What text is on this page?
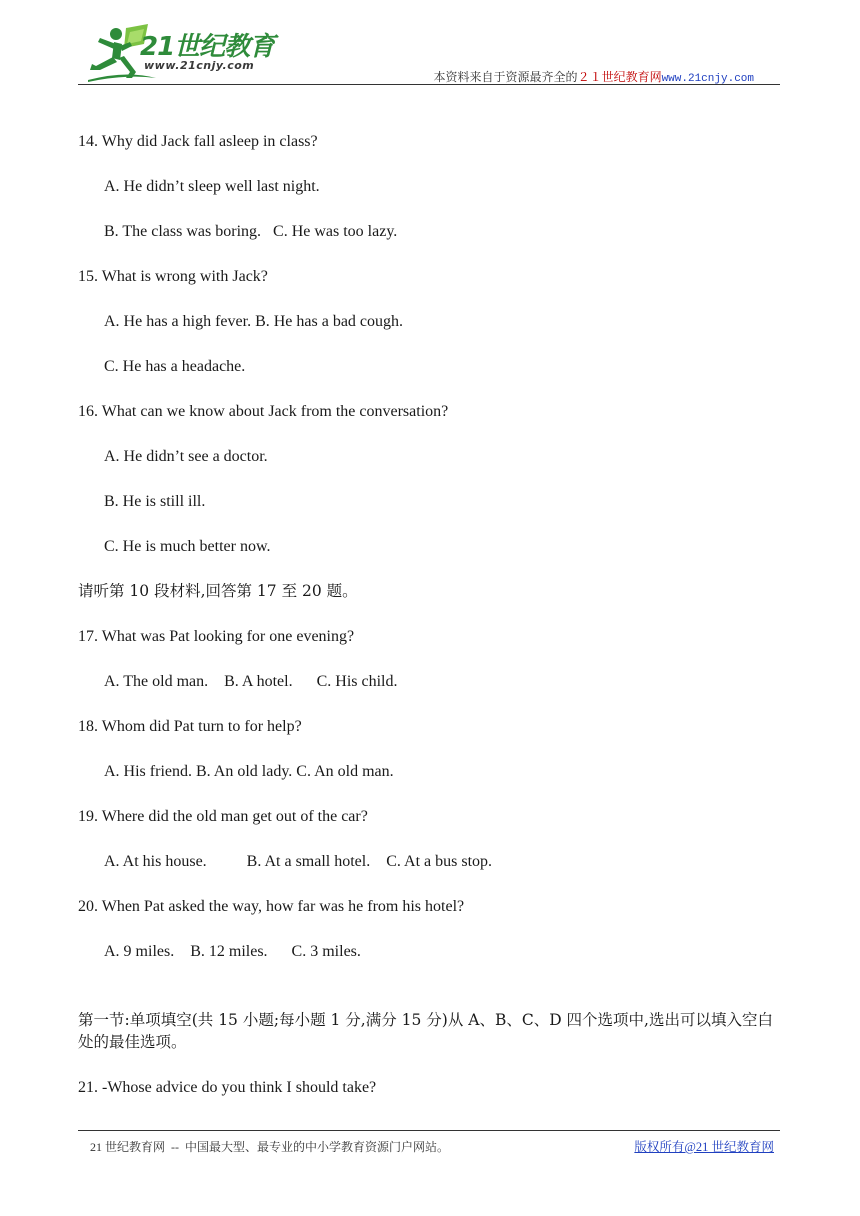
21世纪教育
www.21cnjy.com
本资料来自于资源最齐全的２１世纪教育网www.21cnjy.com
14. Why did Jack fall asleep in class?
A. He didn’t sleep well last night.
B. The class was boring.   C. He was too lazy.
15. What is wrong with Jack?
A. He has a high fever. B. He has a bad cough.
C. He has a headache.
16. What can we know about Jack from the conversation?
A. He didn’t see a doctor.
B. He is still ill.
C. He is much better now.
请听第 10 段材料,回答第 17 至 20 题。
17. What was Pat looking for one evening?
A. The old man.    B. A hotel.      C. His child.
18. Whom did Pat turn to for help?
A. His friend. B. An old lady. C. An old man.
19. Where did the old man get out of the car?
A. At his house.          B. At a small hotel.    C. At a bus stop.
20. When Pat asked the way, how far was he from his hotel?
A. 9 miles.    B. 12 miles.      C. 3 miles.
第一节:单项填空(共 15 小题;每小题 1 分,满分 15 分)从 A、B、C、D 四个选项中,选出可以填入空白处的最佳选项。
21. -Whose advice do you think I should take?
21 世纪教育网  --  中国最大型、最专业的中小学教育资源门户网站。	版权所有@21 世纪教育网
